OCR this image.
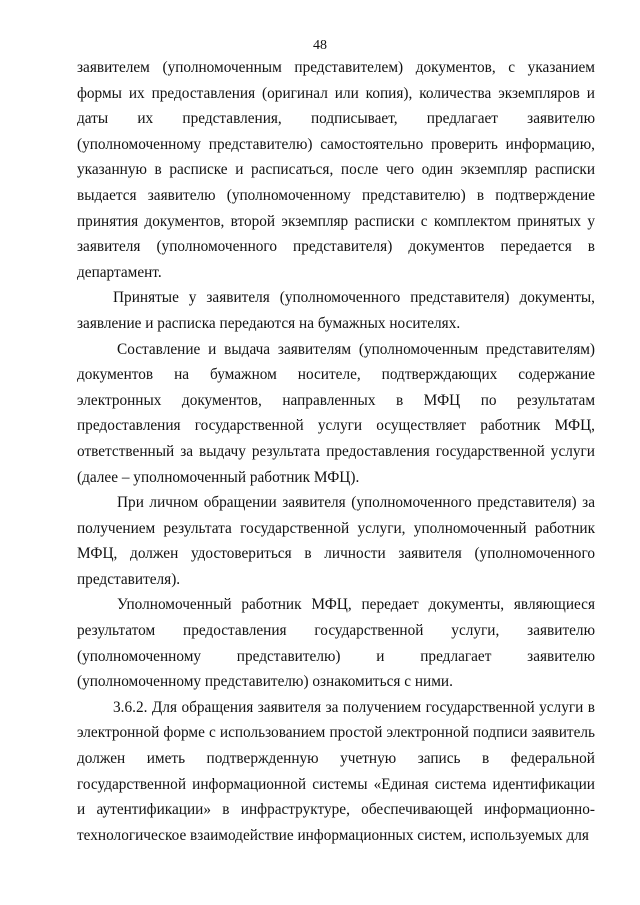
48

заявителем (уполномоченным представителем) документов, с указанием формы их предоставления (оригинал или копия), количества экземпляров и даты их представления, подписывает, предлагает заявителю (уполномоченному представителю) самостоятельно проверить информацию, указанную в расписке и расписаться, после чего один экземпляр расписки выдается заявителю (уполномоченному представителю) в подтверждение принятия документов, второй экземпляр расписки с комплектом принятых у заявителя (уполномоченного представителя) документов передается в департамент.

Принятые у заявителя (уполномоченного представителя) документы, заявление и расписка передаются на бумажных носителях.

Составление и выдача заявителям (уполномоченным представителям) документов на бумажном носителе, подтверждающих содержание электронных документов, направленных в МФЦ по результатам предоставления государственной услуги осуществляет работник МФЦ, ответственный за выдачу результата предоставления государственной услуги (далее – уполномоченный работник МФЦ).

При личном обращении заявителя (уполномоченного представителя) за получением результата государственной услуги, уполномоченный работник МФЦ, должен удостовериться в личности заявителя (уполномоченного представителя).

Уполномоченный работник МФЦ, передает документы, являющиеся результатом предоставления государственной услуги, заявителю (уполномоченному представителю) и предлагает заявителю (уполномоченному представителю) ознакомиться с ними.

3.6.2. Для обращения заявителя за получением государственной услуги в электронной форме с использованием простой электронной подписи заявитель должен иметь подтвержденную учетную запись в федеральной государственной информационной системы «Единая система идентификации и аутентификации» в инфраструктуре, обеспечивающей информационно-технологическое взаимодействие информационных систем, используемых для
